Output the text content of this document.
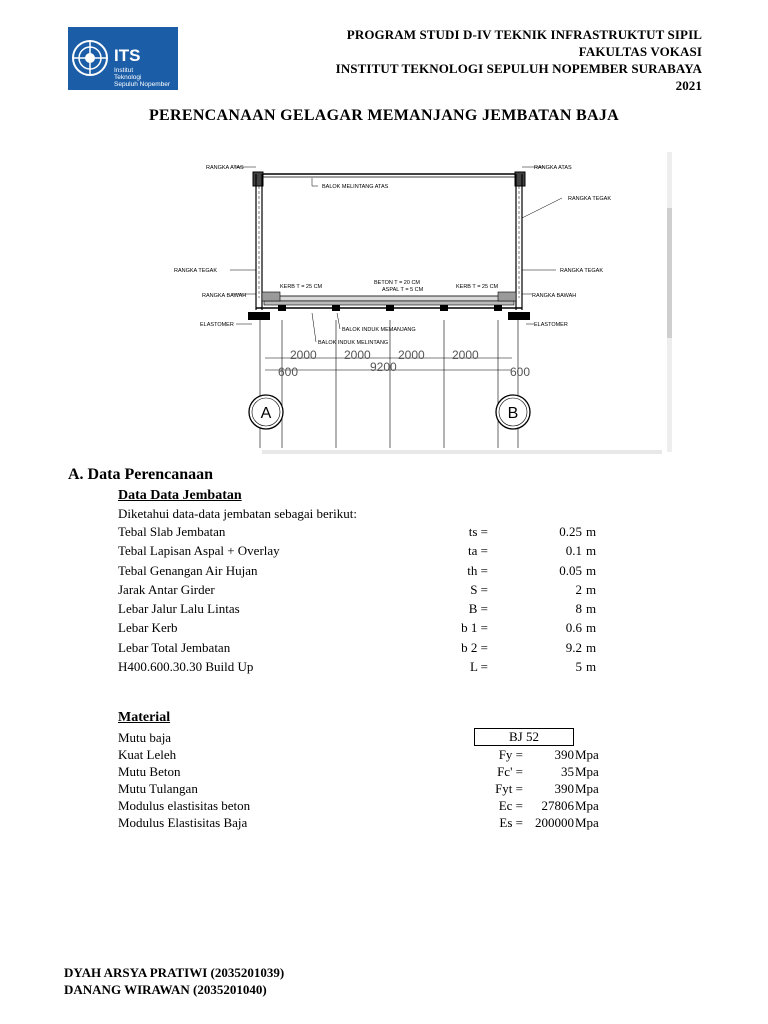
ITS
Institut
Teknologi
Sepuluh Nopember
PROGRAM STUDI D-IV TEKNIK INFRASTRUKTUT SIPIL
FAKULTAS VOKASI
INSTITUT TEKNOLOGI SEPULUH NOPEMBER SURABAYA
2021
PERENCANAAN GELAGAR MEMANJANG JEMBATAN BAJA
2000 2000 2000 2000
9200
600	600
A	B
RANGKA ATAS	RANGKA ATAS
BALOK MELINTANG ATAS
RANGKA TEGAK
RANGKA TEGAK	RANGKA TEGAK
BETON T = 20 CM
ASPAL T = 5 CM
KERB T = 25 CM	KERB T = 25 CM
RANGKA BAWAH	RANGKA BAWAH
ELASTOMER	ELASTOMER
BALOK INDUK MEMANJANG
BALOK INDUK MELINTANG
A. Data Perencanaan
Data Data Jembatan
Diketahui data-data jembatan sebagai berikut:
Tebal Slab Jembatan	ts =	0.25 m
Tebal Lapisan Aspal + Overlay	ta =	0.1 m
Tebal Genangan Air Hujan	th =	0.05 m
Jarak Antar Girder	S =	2 m
Lebar Jalur Lalu Lintas	B =	8 m
Lebar Kerb	b 1 =	0.6 m
Lebar Total Jembatan	b 2 =	9.2 m
H400.600.30.30 Build Up	L =	5 m
Material
Mutu baja	BJ 52
Kuat Leleh	Fy =	390 Mpa
Mutu Beton	Fc' =	35 Mpa
Mutu Tulangan	Fyt =	390 Mpa
Modulus elastisitas beton	Ec =	27806 Mpa
Modulus Elastisitas Baja	Es = 200000 Mpa
DYAH ARSYA PRATIWI (2035201039)
DANANG WIRAWAN (2035201040)
